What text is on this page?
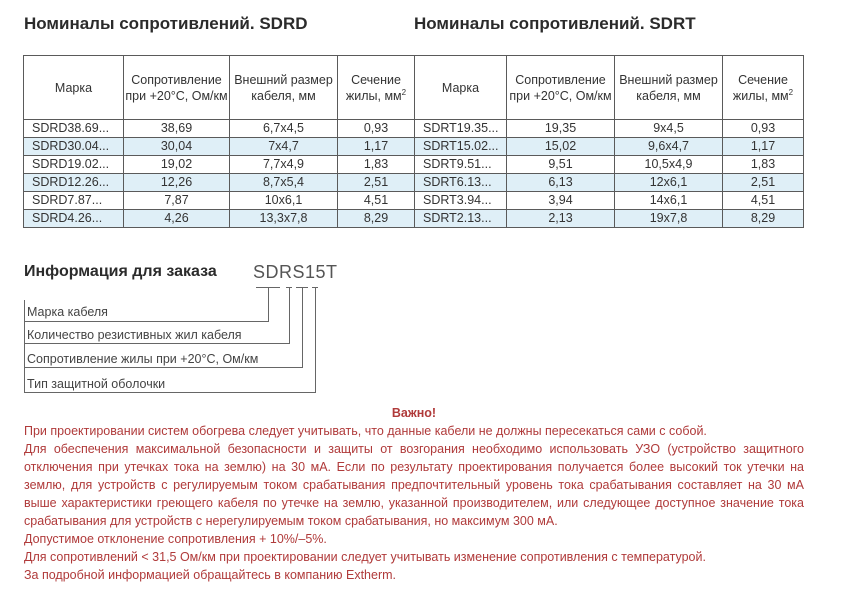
Номиналы сопротивлений. SDRD	Номиналы сопротивлений. SDRT
Марка	Сопротивление при +20°С, Ом/км	Внешний размер кабеля, мм	Сечение жилы, $мм^2$
SDRD38.69...	38,69	6,7x4,5	0,93
SDRD30.04...	30,04	7x4,7	1,17
SDRD19.02...	19,02	7,7x4,9	1,83
SDRD12.26...	12,26	8,7x5,4	2,51
SDRD7.87...	7,87	10x6,1	4,51
SDRD4.26...	4,26	13,3x7,8	8,29
Марка	Сопротивление при +20°С, Ом/км	Внешний размер кабеля, мм	Сечение жилы, $мм^2$
SDRT19.35...	19,35	9x4,5	0,93
SDRT15.02...	15,02	9,6x4,7	1,17
SDRT9.51...	9,51	10,5x4,9	1,83
SDRT6.13...	6,13	12x6,1	2,51
SDRT3.94...	3,94	14x6,1	4,51
SDRT2.13...	2,13	19x7,8	8,29
Информация для заказа SDRS15T
Марка кабеля
Количество резистивных жил кабеля
Сопротивление жилы при +20°С, Ом/км
Тип защитной оболочки
Важно!

При проектировании систем обогрева следует учитывать, что данные кабели не должны пересекаться сами с собой.

Для обеспечения максимальной безопасности и защиты от возгорания необходимо использовать УЗО (устройство защитного отключения при утечках тока на землю) на 30 мА. Если по результату проектирования получается более высокий ток утечки на землю, для устройств с регулируемым током срабатывания предпочтительный уровень тока срабатывания составляет на 30 мА выше характеристики греющего кабеля по утечке на землю, указанной производителем, или следующее доступное значение тока срабатывания для устройств с нерегулируемым током срабатывания, но максимум 300 мА.

Допустимое отклонение сопротивления + 10%/–5%.

Для сопротивлений < 31,5 Ом/км при проектировании следует учитывать изменение сопротивления с температурой.

За подробной информацией обращайтесь в компанию Extherm.
